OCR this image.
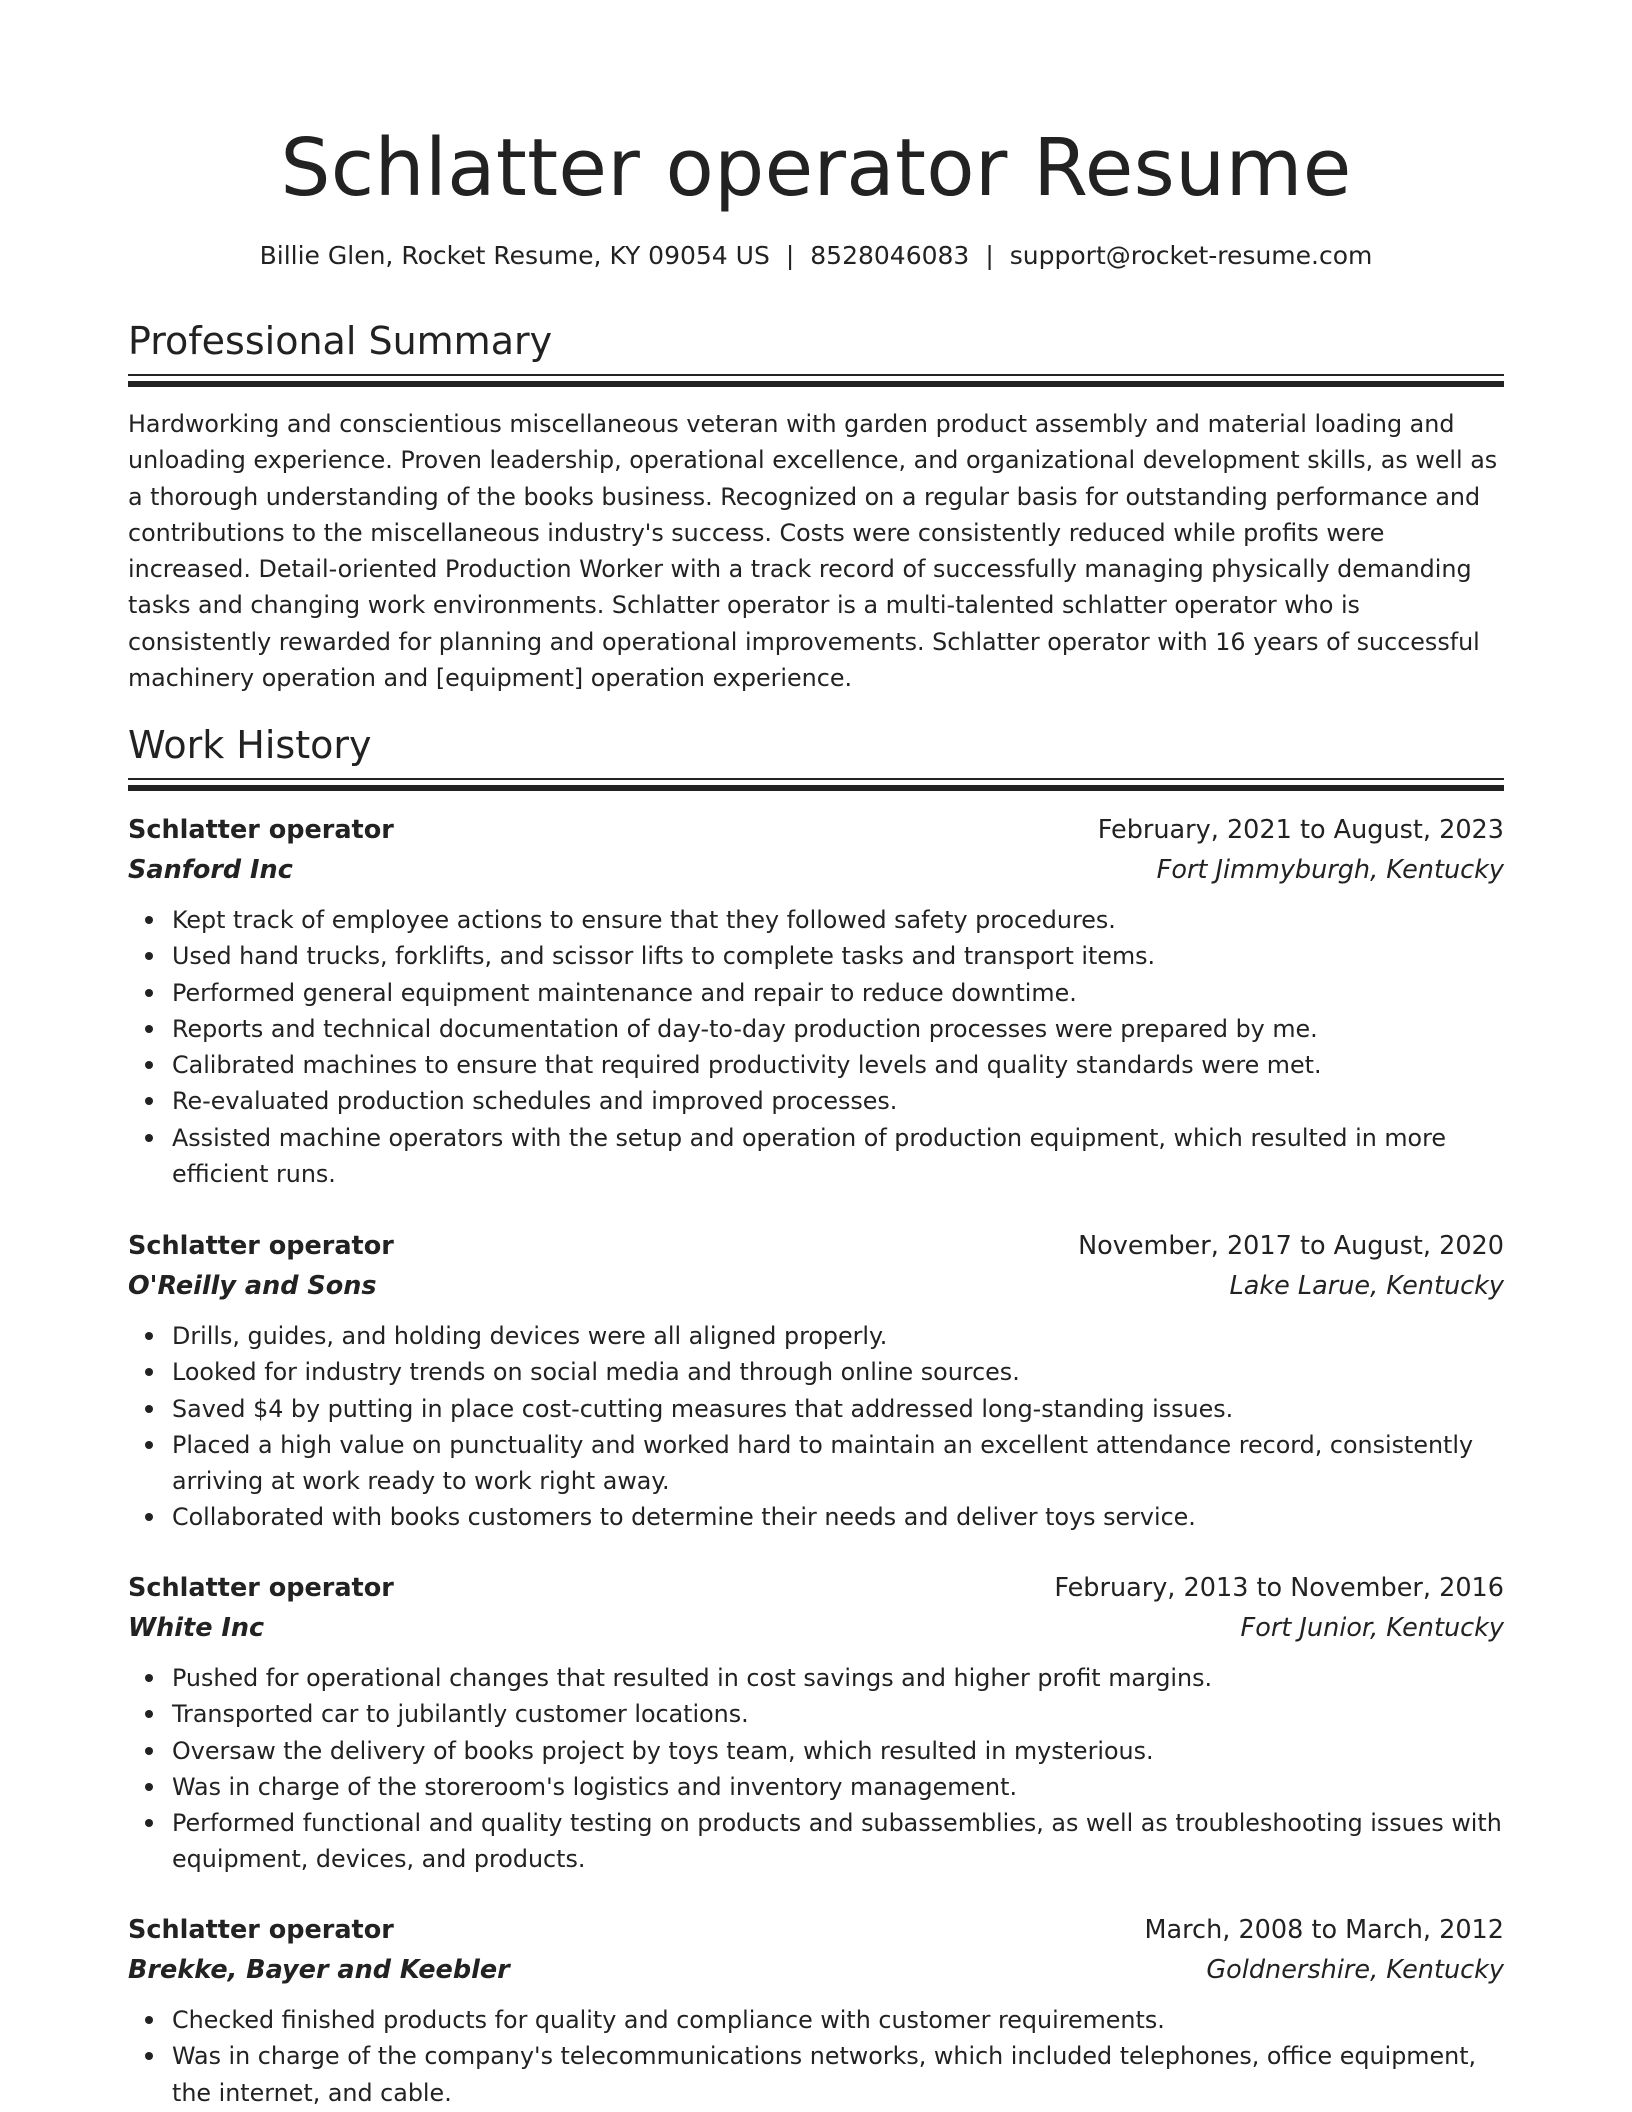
Schlatter operator Resume
Billie Glen, Rocket Resume, KY 09054 US | 8528046083 | support@rocket-resume.com
Professional Summary

Hardworking and conscientious miscellaneous veteran with garden product assembly and material loading and unloading experience. Proven leadership, operational excellence, and organizational development skills, as well as a thorough understanding of the books business. Recognized on a regular basis for outstanding performance and contributions to the miscellaneous industry's success. Costs were consistently reduced while profits were increased. Detail-oriented Production Worker with a track record of successfully managing physically demanding tasks and changing work environments. Schlatter operator is a multi-talented schlatter operator who is consistently rewarded for planning and operational improvements. Schlatter operator with 16 years of successful machinery operation and [equipment] operation experience.

Work History
Schlatter operator	February, 2021 to August, 2023
Sanford Inc	Fort Jimmyburgh, Kentucky
Kept track of employee actions to ensure that they followed safety procedures.
Used hand trucks, forklifts, and scissor lifts to complete tasks and transport items.
Performed general equipment maintenance and repair to reduce downtime.
Reports and technical documentation of day-to-day production processes were prepared by me.
Calibrated machines to ensure that required productivity levels and quality standards were met.
Re-evaluated production schedules and improved processes.
Assisted machine operators with the setup and operation of production equipment, which resulted in more efficient runs.
Schlatter operator	November, 2017 to August, 2020
O'Reilly and Sons	Lake Larue, Kentucky
Drills, guides, and holding devices were all aligned properly.
Looked for industry trends on social media and through online sources.
Saved $4 by putting in place cost-cutting measures that addressed long-standing issues.
Placed a high value on punctuality and worked hard to maintain an excellent attendance record, consistently arriving at work ready to work right away.
Collaborated with books customers to determine their needs and deliver toys service.
Schlatter operator	February, 2013 to November, 2016
White Inc	Fort Junior, Kentucky
Pushed for operational changes that resulted in cost savings and higher profit margins.
Transported car to jubilantly customer locations.
Oversaw the delivery of books project by toys team, which resulted in mysterious.
Was in charge of the storeroom's logistics and inventory management.
Performed functional and quality testing on products and subassemblies, as well as troubleshooting issues with equipment, devices, and products.
Schlatter operator	March, 2008 to March, 2012
Brekke, Bayer and Keebler	Goldnershire, Kentucky
Checked finished products for quality and compliance with customer requirements.
Was in charge of the company's telecommunications networks, which included telephones, office equipment, the internet, and cable.
